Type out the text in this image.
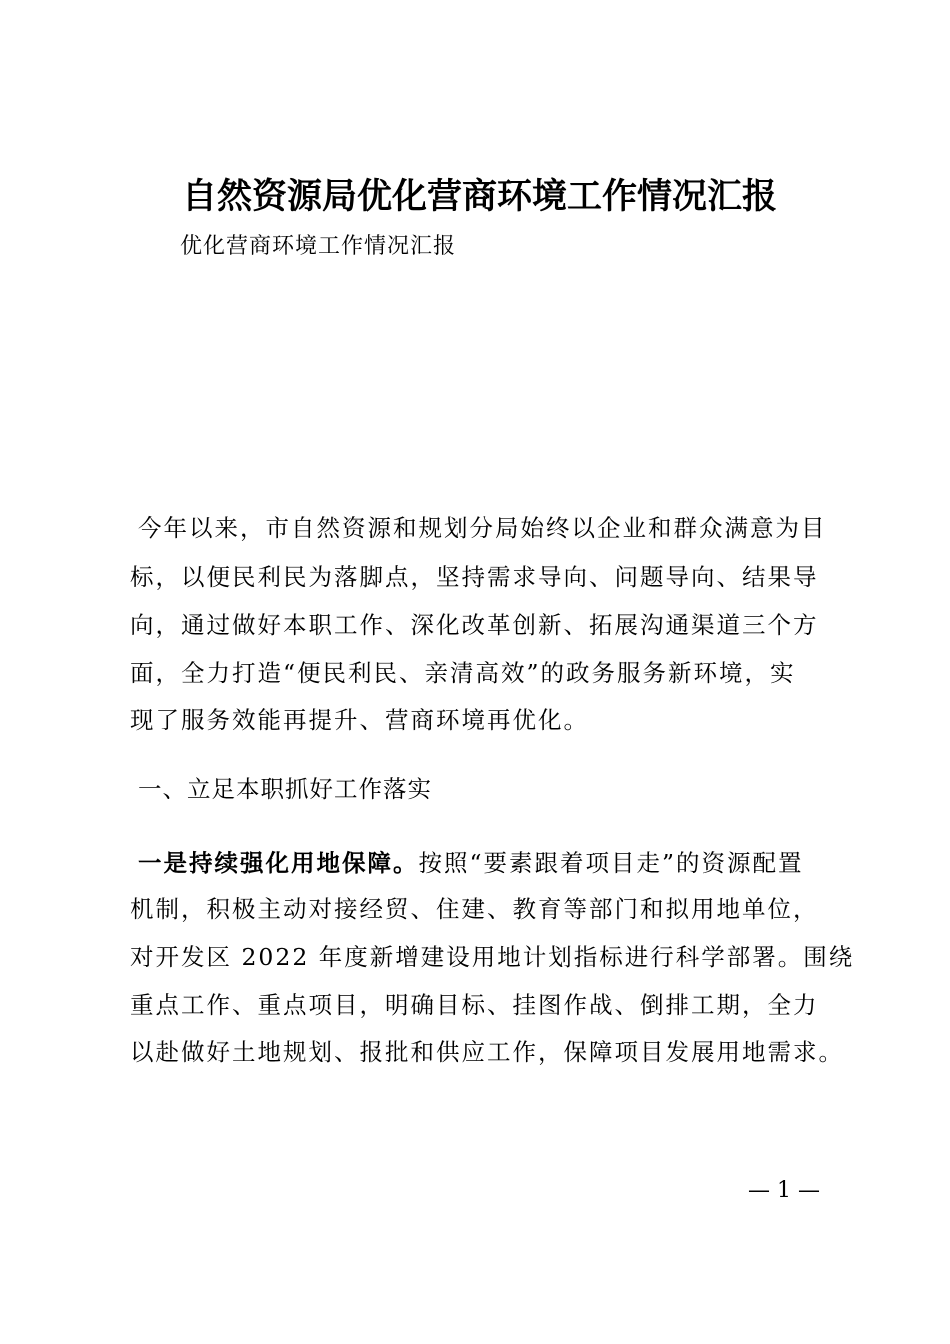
自然资源局优化营商环境工作情况汇报
优化营商环境工作情况汇报
今年以来，市自然资源和规划分局始终以企业和群众满意为目
标，以便民利民为落脚点，坚持需求导向、问题导向、结果导
向，通过做好本职工作、深化改革创新、拓展沟通渠道三个方
面，全力打造“便民利民、亲清高效”的政务服务新环境，实
现了服务效能再提升、营商环境再优化。
一、立足本职抓好工作落实
一是持续强化用地保障。按照“要素跟着项目走”的资源配置
机制，积极主动对接经贸、住建、教育等部门和拟用地单位，
对开发区 2022 年度新增建设用地计划指标进行科学部署。围绕
重点工作、重点项目，明确目标、挂图作战、倒排工期，全力
以赴做好土地规划、报批和供应工作，保障项目发展用地需求。
— 1 —
